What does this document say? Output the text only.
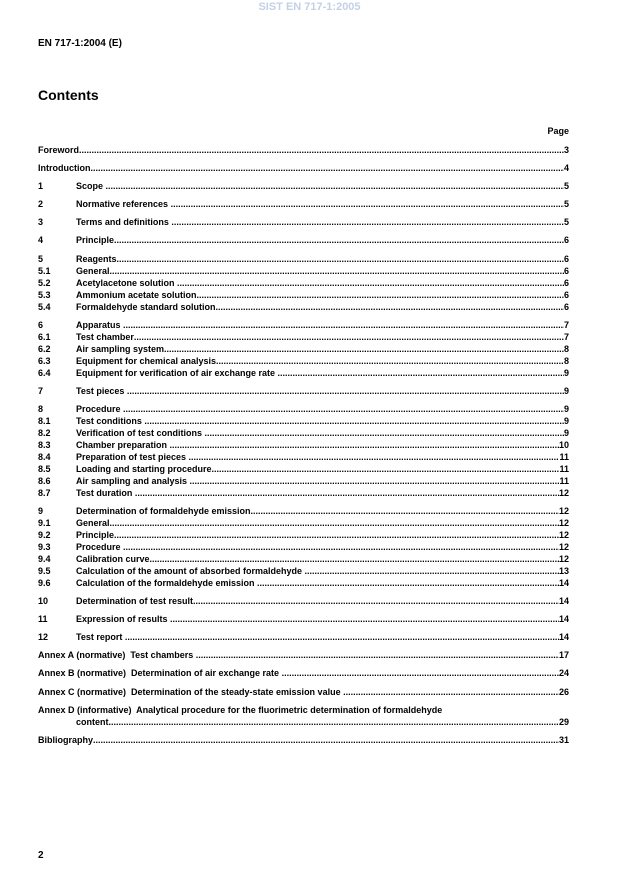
SIST EN 717-1:2005
EN 717-1:2004 (E)
Contents
Page
Foreword .....	3
Introduction .....	4
1	Scope .....	5
2	Normative references .....	5
3	Terms and definitions .....	5
4	Principle .....	6
5	Reagents .....	6
5.1	General .....	6
5.2	Acetylacetone solution .....	6
5.3	Ammonium acetate solution .....	6
5.4	Formaldehyde standard solution .....	6
6	Apparatus .....	7
6.1	Test chamber .....	7
6.2	Air sampling system .....	8
6.3	Equipment for chemical analysis .....	8
6.4	Equipment for verification of air exchange rate .....	9
7	Test pieces .....	9
8	Procedure .....	9
8.1	Test conditions .....	9
8.2	Verification of test conditions .....	9
8.3	Chamber preparation .....	10
8.4	Preparation of test pieces .....	11
8.5	Loading and starting procedure .....	11
8.6	Air sampling and analysis .....	11
8.7	Test duration .....	12
9	Determination of formaldehyde emission .....	12
9.1	General .....	12
9.2	Principle .....	12
9.3	Procedure .....	12
9.4	Calibration curve .....	12
9.5	Calculation of the amount of absorbed formaldehyde .....	13
9.6	Calculation of the formaldehyde emission .....	14
10	Determination of test result .....	14
11	Expression of results .....	14
12	Test report .....	14
Annex A (normative)  Test chambers .....	17
Annex B (normative)  Determination of air exchange rate .....	24
Annex C (normative)  Determination of the steady-state emission value .....	26
Annex D (informative)  Analytical procedure for the fluorimetric determination of formaldehyde
content .....	29
Bibliography .....	31
2
